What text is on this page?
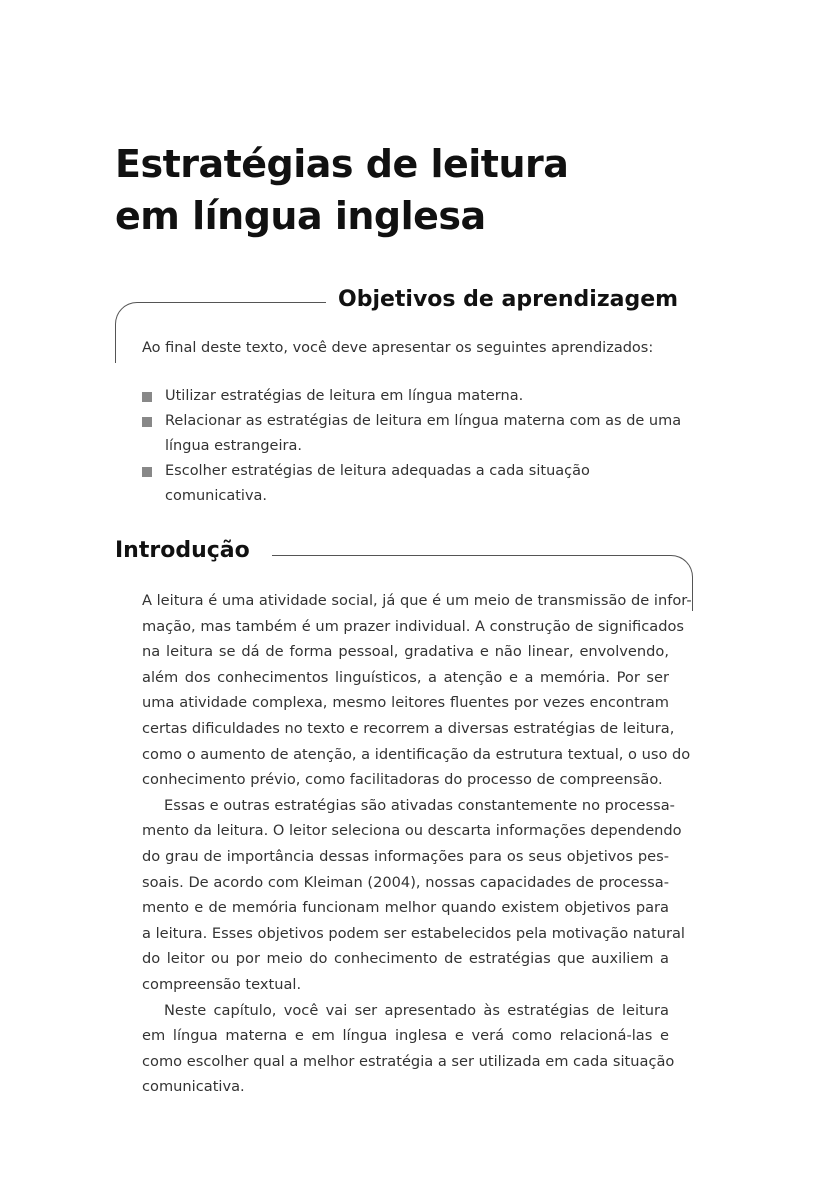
Estratégias de leitura
em língua inglesa
Objetivos de aprendizagem
Ao final deste texto, você deve apresentar os seguintes aprendizados:
Utilizar estratégias de leitura em língua materna.
Relacionar as estratégias de leitura em língua materna com as de uma
língua estrangeira.
Escolher estratégias de leitura adequadas a cada situação comunicativa.
Introdução
A leitura é uma atividade social, já que é um meio de transmissão de infor-
mação, mas também é um prazer individual. A construção de significados
na leitura se dá de forma pessoal, gradativa e não linear, envolvendo,
além dos conhecimentos linguísticos, a atenção e a memória. Por ser
uma atividade complexa, mesmo leitores fluentes por vezes encontram
certas dificuldades no texto e recorrem a diversas estratégias de leitura,
como o aumento de atenção, a identificação da estrutura textual, o uso do
conhecimento prévio, como facilitadoras do processo de compreensão.
Essas e outras estratégias são ativadas constantemente no processa-
mento da leitura. O leitor seleciona ou descarta informações dependendo
do grau de importância dessas informações para os seus objetivos pes-
soais. De acordo com Kleiman (2004), nossas capacidades de processa-
mento e de memória funcionam melhor quando existem objetivos para
a leitura. Esses objetivos podem ser estabelecidos pela motivação natural
do leitor ou por meio do conhecimento de estratégias que auxiliem a
compreensão textual.
Neste capítulo, você vai ser apresentado às estratégias de leitura
em língua materna e em língua inglesa e verá como relacioná-las e
como escolher qual a melhor estratégia a ser utilizada em cada situação
comunicativa.
